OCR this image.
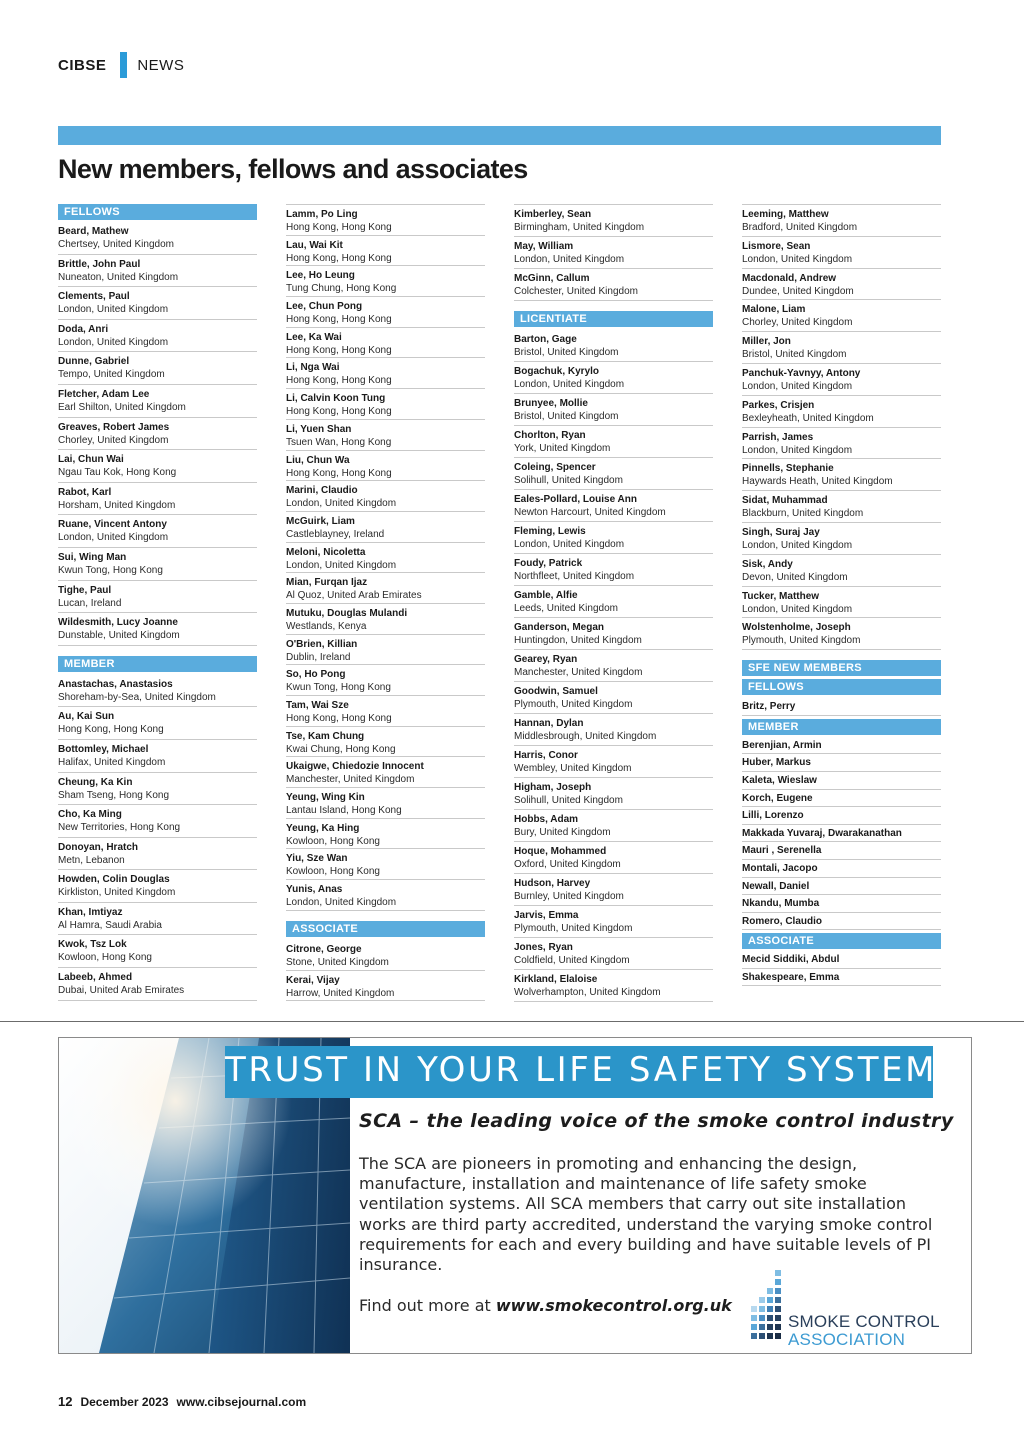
CIBSE NEWS
New members, fellows and associates
FELLOWS
Beard, Mathew
Chertsey, United Kingdom
Brittle, John Paul
Nuneaton, United Kingdom
Clements, Paul
London, United Kingdom
Doda, Anri
London, United Kingdom
Dunne, Gabriel
Tempo, United Kingdom
Fletcher, Adam Lee
Earl Shilton, United Kingdom
Greaves, Robert James
Chorley, United Kingdom
Lai, Chun Wai
Ngau Tau Kok, Hong Kong
Rabot, Karl
Horsham, United Kingdom
Ruane, Vincent Antony
London, United Kingdom
Sui, Wing Man
Kwun Tong, Hong Kong
Tighe, Paul
Lucan, Ireland
Wildesmith, Lucy Joanne
Dunstable, United Kingdom
MEMBER
Anastachas, Anastasios
Shoreham-by-Sea, United Kingdom
Au, Kai Sun
Hong Kong, Hong Kong
Bottomley, Michael
Halifax, United Kingdom
Cheung, Ka Kin
Sham Tseng, Hong Kong
Cho, Ka Ming
New Territories, Hong Kong
Donoyan, Hratch
Metn, Lebanon
Howden, Colin Douglas
Kirkliston, United Kingdom
Khan, Imtiyaz
Al Hamra, Saudi Arabia
Kwok, Tsz Lok
Kowloon, Hong Kong
Labeeb, Ahmed
Dubai, United Arab Emirates
Lamm, Po Ling
Hong Kong, Hong Kong
Lau, Wai Kit
Hong Kong, Hong Kong
Lee, Ho Leung
Tung Chung, Hong Kong
Lee, Chun Pong
Hong Kong, Hong Kong
Lee, Ka Wai
Hong Kong, Hong Kong
Li, Nga Wai
Hong Kong, Hong Kong
Li, Calvin Koon Tung
Hong Kong, Hong Kong
Li, Yuen Shan
Tsuen Wan, Hong Kong
Liu, Chun Wa
Hong Kong, Hong Kong
Marini, Claudio
London, United Kingdom
McGuirk, Liam
Castleblayney, Ireland
Meloni, Nicoletta
London, United Kingdom
Mian, Furqan Ijaz
Al Quoz, United Arab Emirates
Mutuku, Douglas Mulandi
Westlands, Kenya
O'Brien, Killian
Dublin, Ireland
So, Ho Pong
Kwun Tong, Hong Kong
Tam, Wai Sze
Hong Kong, Hong Kong
Tse, Kam Chung
Kwai Chung, Hong Kong
Ukaigwe, Chiedozie Innocent
Manchester, United Kingdom
Yeung, Wing Kin
Lantau Island, Hong Kong
Yeung, Ka Hing
Kowloon, Hong Kong
Yiu, Sze Wan
Kowloon, Hong Kong
Yunis, Anas
London, United Kingdom
ASSOCIATE
Citrone, George
Stone, United Kingdom
Kerai, Vijay
Harrow, United Kingdom
Kimberley, Sean
Birmingham, United Kingdom
May, William
London, United Kingdom
McGinn, Callum
Colchester, United Kingdom
LICENTIATE
Barton, Gage
Bristol, United Kingdom
Bogachuk, Kyrylo
London, United Kingdom
Brunyee, Mollie
Bristol, United Kingdom
Chorlton, Ryan
York, United Kingdom
Coleing, Spencer
Solihull, United Kingdom
Eales-Pollard, Louise Ann
Newton Harcourt, United Kingdom
Fleming, Lewis
London, United Kingdom
Foudy, Patrick
Northfleet, United Kingdom
Gamble, Alfie
Leeds, United Kingdom
Ganderson, Megan
Huntingdon, United Kingdom
Gearey, Ryan
Manchester, United Kingdom
Goodwin, Samuel
Plymouth, United Kingdom
Hannan, Dylan
Middlesbrough, United Kingdom
Harris, Conor
Wembley, United Kingdom
Higham, Joseph
Solihull, United Kingdom
Hobbs, Adam
Bury, United Kingdom
Hoque, Mohammed
Oxford, United Kingdom
Hudson, Harvey
Burnley, United Kingdom
Jarvis, Emma
Plymouth, United Kingdom
Jones, Ryan
Coldfield, United Kingdom
Kirkland, Elaloise
Wolverhampton, United Kingdom
Leeming, Matthew
Bradford, United Kingdom
Lismore, Sean
London, United Kingdom
Macdonald, Andrew
Dundee, United Kingdom
Malone, Liam
Chorley, United Kingdom
Miller, Jon
Bristol, United Kingdom
Panchuk-Yavnyy, Antony
London, United Kingdom
Parkes, Crisjen
Bexleyheath, United Kingdom
Parrish, James
London, United Kingdom
Pinnells, Stephanie
Haywards Heath, United Kingdom
Sidat, Muhammad
Blackburn, United Kingdom
Singh, Suraj Jay
London, United Kingdom
Sisk, Andy
Devon, United Kingdom
Tucker, Matthew
London, United Kingdom
Wolstenholme, Joseph
Plymouth, United Kingdom
SFE NEW MEMBERS
FELLOWS
Britz, Perry
MEMBER
Berenjian, Armin
Huber, Markus
Kaleta, Wieslaw
Korch, Eugene
Lilli, Lorenzo
Makkada Yuvaraj, Dwarakanathan
Mauri , Serenella
Montali, Jacopo
Newall, Daniel
Nkandu, Mumba
Romero, Claudio
ASSOCIATE
Mecid Siddiki, Abdul
Shakespeare, Emma
TRUST IN YOUR LIFE SAFETY SYSTEMS
SCA – the leading voice of the smoke control industry
The SCA are pioneers in promoting and enhancing the design, manufacture, installation and maintenance of life safety smoke ventilation systems. All SCA members that carry out site installation works are third party accredited, understand the varying smoke control requirements for each and every building and have suitable levels of PI insurance.
Find out more at www.smokecontrol.org.uk
SMOKE CONTROL
ASSOCIATION
12 December 2023 www.cibsejournal.com
